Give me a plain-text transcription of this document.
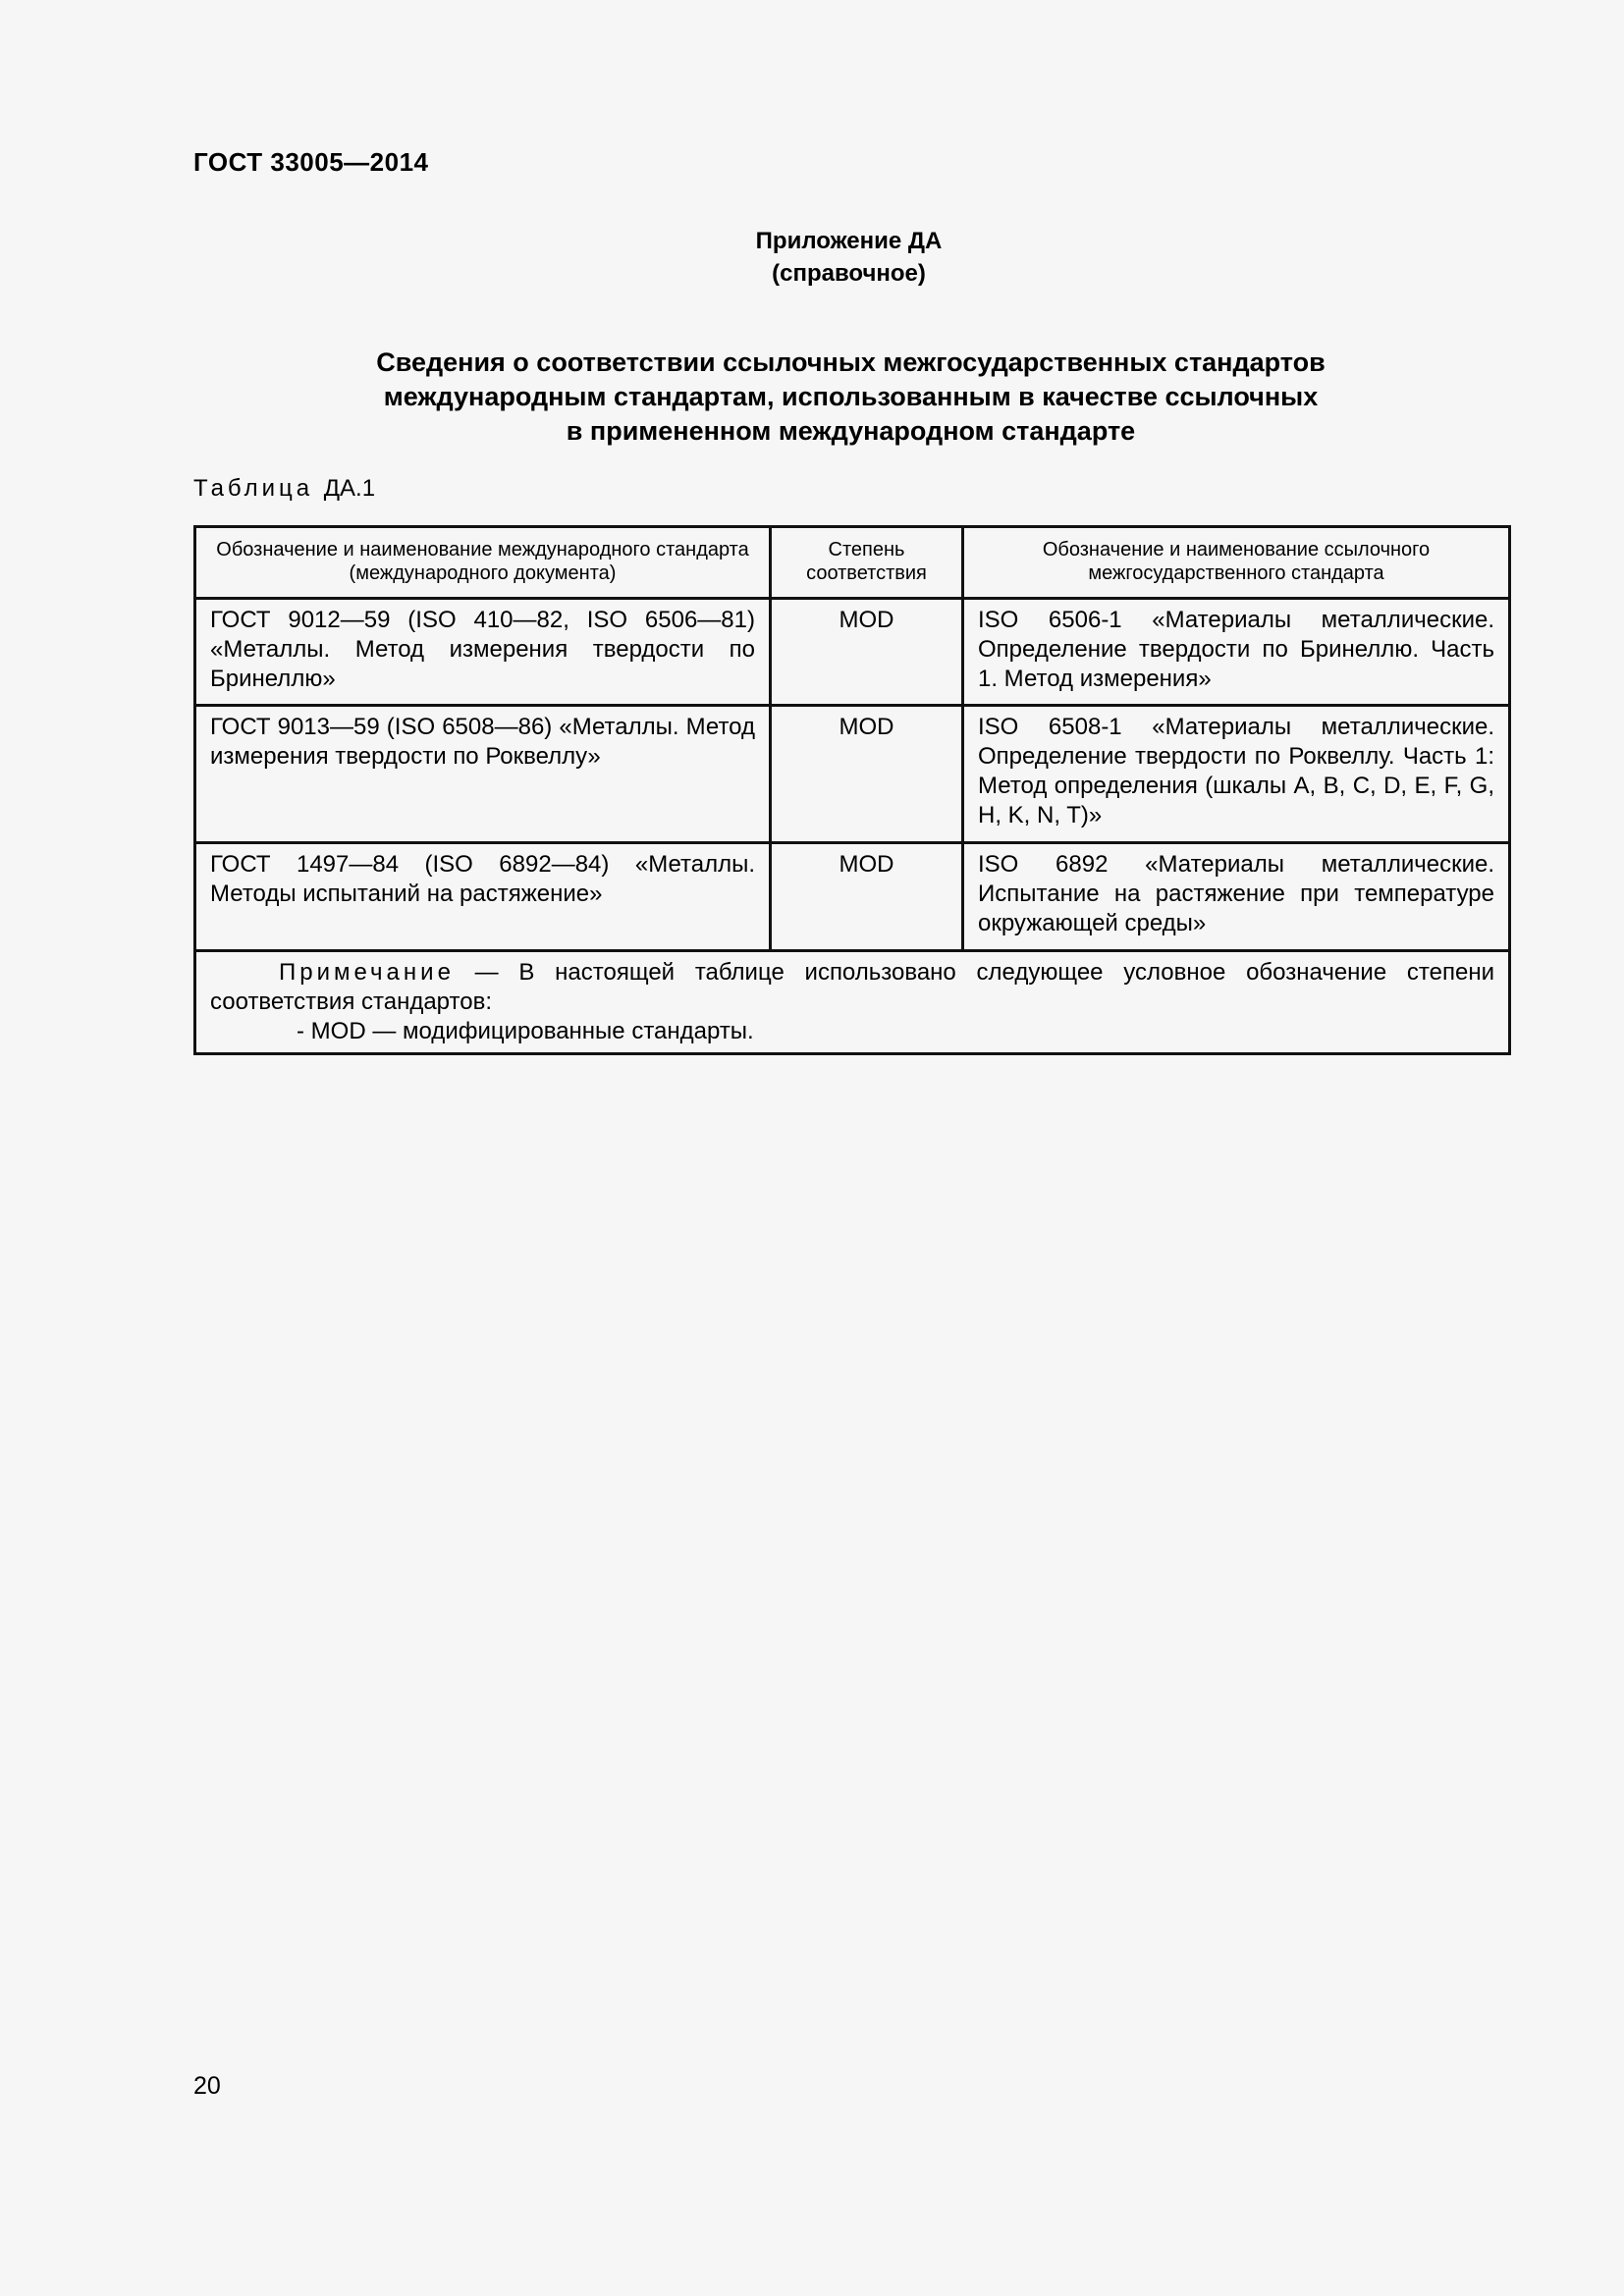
ГОСТ 33005—2014
Приложение ДА
(справочное)
Сведения о соответствии ссылочных межгосударственных стандартов
международным стандартам, использованным в качестве ссылочных
в примененном международном стандарте
Таблица ДА.1
Обозначение и наименование международного стандарта (международного документа)	Степень соответствия	Обозначение и наименование ссылочного межгосударственного стандарта
ГОСТ 9012—59 (ISO 410—82, ISO 6506—81) «Металлы. Метод измерения твердости по Бринеллю»	MOD	ISO 6506-1 «Материалы металлические. Определение твердости по Бринеллю. Часть 1. Метод измерения»
ГОСТ 9013—59 (ISO 6508—86) «Металлы. Метод измерения твердости по Роквеллу»	MOD	ISO 6508-1 «Материалы металлические. Определение твердости по Роквеллу. Часть 1: Метод определения (шкалы A, B, C, D, E, F, G, H, K, N, T)»
ГОСТ 1497—84 (ISO 6892—84) «Металлы. Методы испытаний на растяжение»	MOD	ISO 6892 «Материалы металлические. Испытание на растяжение при температуре окружающей среды»

Примечание — В настоящей таблице использовано следующее условное обозначение степени соответствия стандартов:
- MOD — модифицированные стандарты.		
20
